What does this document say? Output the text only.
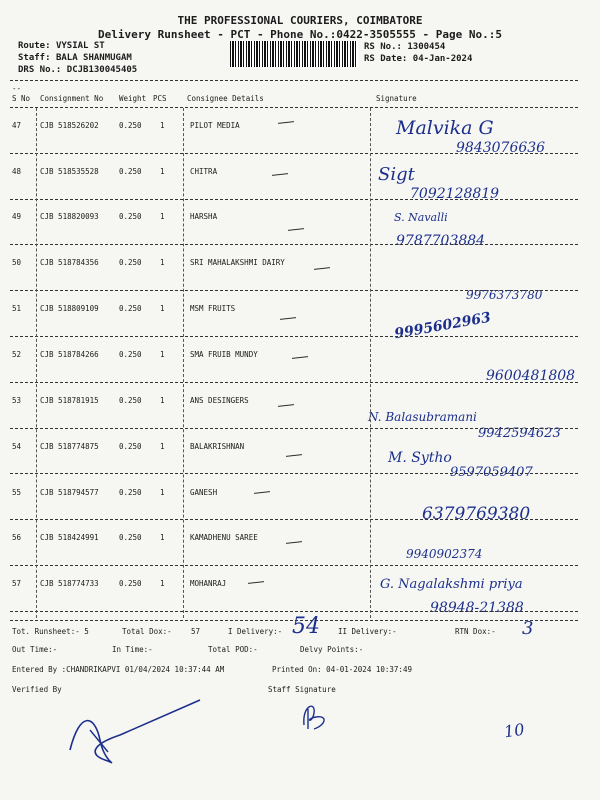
THE PROFESSIONAL COURIERS, COIMBATORE
Delivery Runsheet - PCT - Phone No.:0422-3505555 - Page No.:5
Route: VYSIAL ST
Staff: BALA SHANMUGAM
DRS No.: DCJB130045405
RS No.: 1300454
RS Date: 04-Jan-2024
--
S No Consignment No Weight PCS	Consignee Details	Signature
47	CJB 518526202	0.250 1	PILOT MEDIA	Malvika G
9843076636
48	CJB 518535528	0.250 1	CHITRA	Sigt
7092128819
49	CJB 518820093	0.250 1	HARSHA	S. Navalli
9787703884
50	CJB 518784356	0.250 1	SRI MAHALAKSHMI DAIRY
9976373780
51	CJB 518809109	0.250 1	MSM FRUITS
9995602963
52	CJB 518784266	0.250 1	SMA FRUIB MUNDY
9600481808
53	CJB 518781915	0.250 1	ANS DESINGERS
N. Balasubramani
9942594623
54	CJB 518774875	0.250 1	BALAKRISHNAN
M. Sytho
9597059407
55	CJB 518794577	0.250 1	GANESH
6379769380
56	CJB 518424991	0.250 1	KAMADHENU SAREE
9940902374
57	CJB 518774733	0.250 1	MOHANRAJ	G. Nagalakshmi priya
98948-21388
Tot. Runsheet:- 5	Total Dox:-	57	I Delivery:- 54 II Delivery:-	RTN Dox:- 3
Out Time:-	In Time:-	Total POD:-	Delvy Points:-
Entered By :CHANDRIKAPVI 01/04/2024 10:37:44 AM	Printed On: 04-01-2024 10:37:49
Verified By	Staff Signature
10
